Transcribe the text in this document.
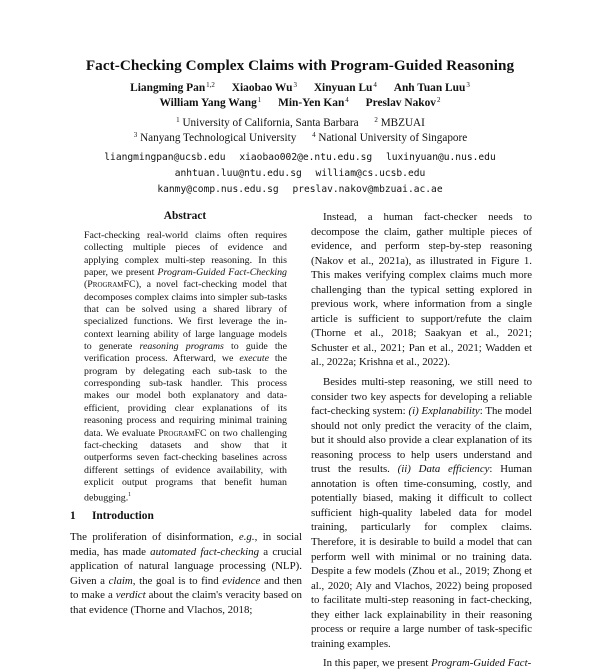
Fact-Checking Complex Claims with Program-Guided Reasoning
Liangming Pan$^{1,2}$ Xiaobao Wu$^3$ Xinyuan Lu$^4$ Anh Tuan Luu$^3$
William Yang Wang$^1$ Min-Yen Kan$^4$ Preslav Nakov$^2$
$^1$ University of California, Santa Barbara $^2$ MBZUAI
$^3$ Nanyang Technological University $^4$ National University of Singapore
liangmingpan@ucsb.edu xiaobao002@e.ntu.edu.sg luxinyuan@u.nus.edu
anhtuan.luu@ntu.edu.sg william@cs.ucsb.edu
kanmy@comp.nus.edu.sg preslav.nakov@mbzuai.ac.ae
Abstract
Fact-checking real-world claims often requires collecting multiple pieces of evidence and applying complex multi-step reasoning. In this paper, we present Program-Guided Fact-Checking (ProgramFC), a novel fact-checking model that decomposes complex claims into simpler sub-tasks that can be solved using a shared library of specialized functions. We first leverage the in-context learning ability of large language models to generate reasoning programs to guide the verification process. Afterward, we execute the program by delegating each sub-task to the corresponding sub-task handler. This process makes our model both explanatory and data-efficient, providing clear explanations of its reasoning process and requiring minimal training data. We evaluate ProgramFC on two challenging fact-checking datasets and show that it outperforms seven fact-checking baselines across different settings of evidence availability, with explicit output programs that benefit human debugging.$^1$
1 Introduction

The proliferation of disinformation, e.g., in social media, has made automated fact-checking a crucial application of natural language processing (NLP). Given a claim, the goal is to find evidence and then to make a verdict about the claim's veracity based on that evidence (Thorne and Vlachos, 2018;

Instead, a human fact-checker needs to decompose the claim, gather multiple pieces of evidence, and perform step-by-step reasoning (Nakov et al., 2021a), as illustrated in Figure 1. This makes verifying complex claims much more challenging than the typical setting explored in previous work, where information from a single article is sufficient to support/refute the claim (Thorne et al., 2018; Saakyan et al., 2021; Schuster et al., 2021; Pan et al., 2021; Wadden et al., 2022a; Krishna et al., 2022).

Besides multi-step reasoning, we still need to consider two key aspects for developing a reliable fact-checking system: (i) Explanability: The model should not only predict the veracity of the claim, but it should also provide a clear explanation of its reasoning process to help users understand and trust the results. (ii) Data efficiency: Human annotation is often time-consuming, costly, and potentially biased, making it difficult to collect sufficient high-quality labeled data for model training, particularly for complex claims. Therefore, it is desirable to build a model that can perform well with minimal or no training data. Despite a few models (Zhou et al., 2019; Zhong et al., 2020; Aly and Vlachos, 2022) being proposed to facilitate multi-step reasoning in fact-checking, they either lack explainability in their reasoning process or require a large number of task-specific training examples.

In this paper, we present Program-Guided Fact-
